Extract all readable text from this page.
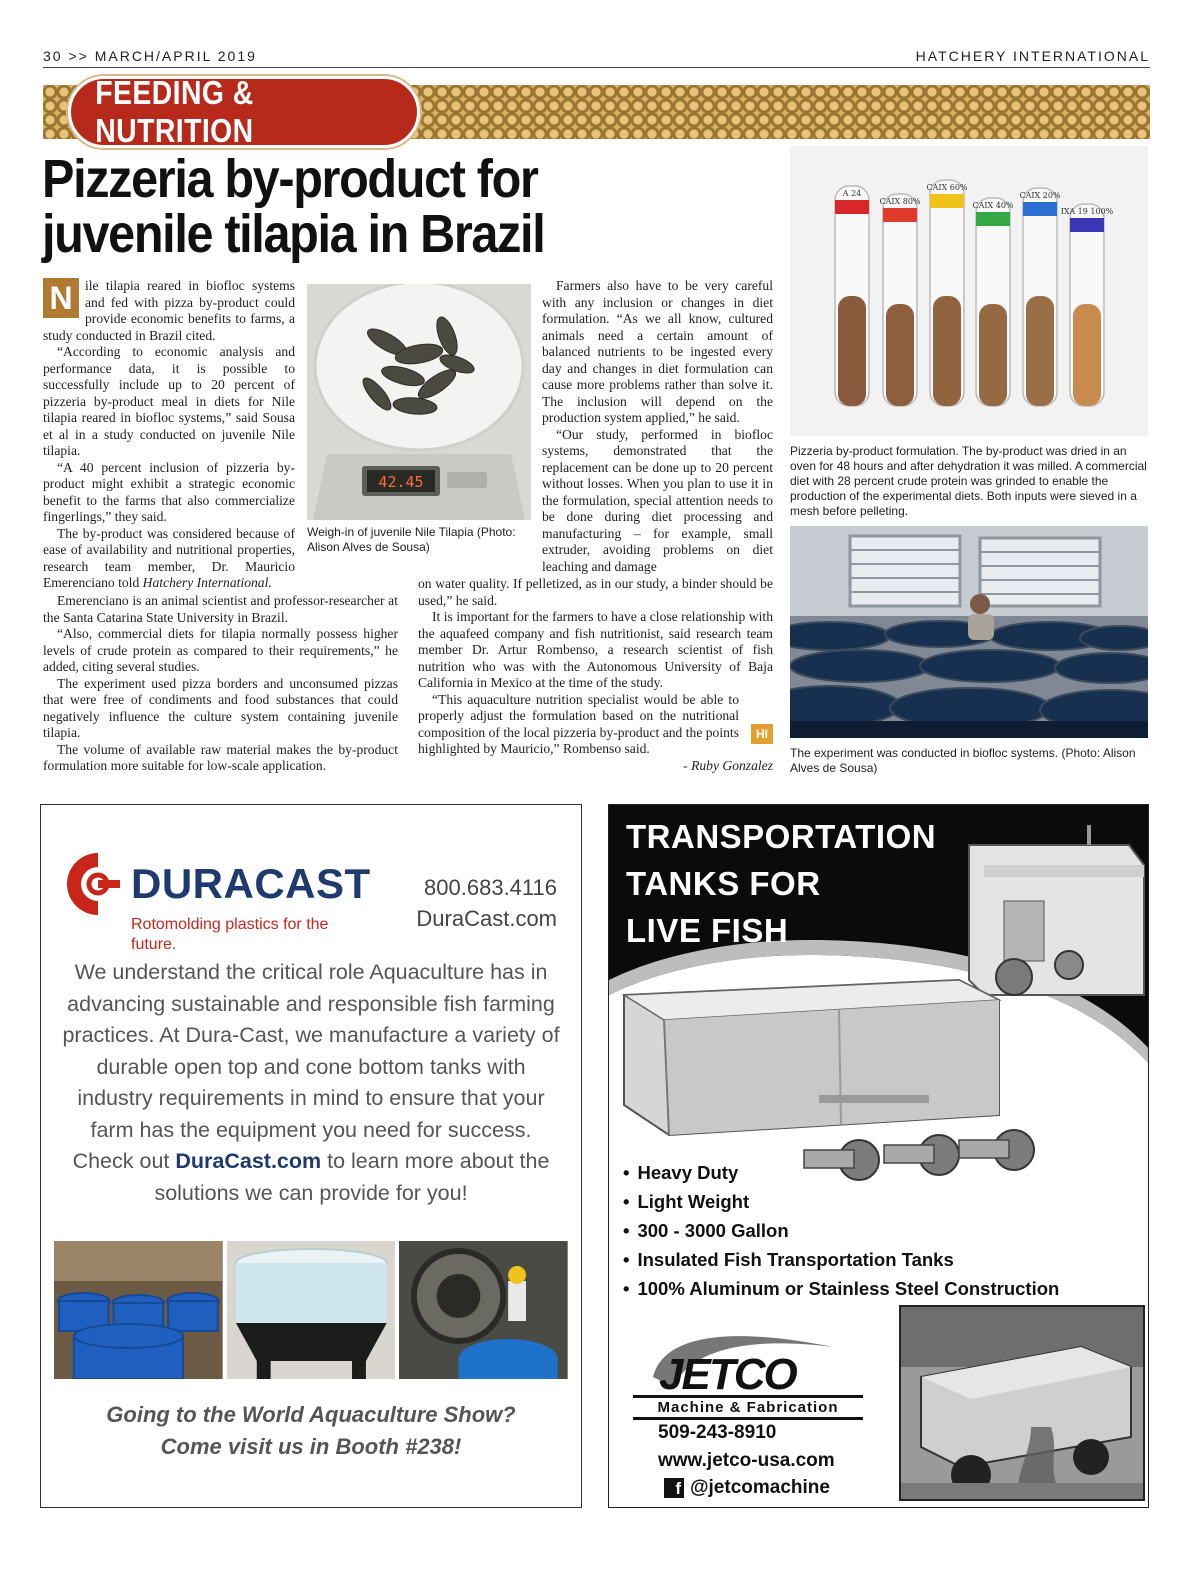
30 >> MARCH/APRIL 2019	HATCHERY INTERNATIONAL
FEEDING & NUTRITION
Pizzeria by-product for
juvenile tilapia in Brazil

N ile tilapia reared in biofloc systems and fed with pizza by-product could provide economic benefits to farms, a study conducted in Brazil cited.

“According to economic analysis and performance data, it is possible to successfully include up to 20 percent of pizzeria by-product meal in diets for Nile tilapia reared in biofloc systems,” said Sousa et al in a study conducted on juvenile Nile tilapia.

“A 40 percent inclusion of pizzeria by-product might exhibit a strategic economic benefit to the farms that also commercialize fingerlings,” they said.

The by-product was considered because of ease of availability and nutritional properties, research team member, Dr. Mauricio Emerenciano told Hatchery International.

Emerenciano is an animal scientist and professor-researcher at the Santa Catarina State University in Brazil.

“Also, commercial diets for tilapia normally possess higher levels of crude protein as compared to their requirements,” he added, citing several studies.

The experiment used pizza borders and unconsumed pizzas that were free of condiments and food substances that could negatively influence the culture system containing juvenile tilapia.

The volume of available raw material makes the by-product formulation more suitable for low-scale application.

42.45
Weigh-in of juvenile Nile Tilapia (Photo: Alison Alves de Sousa)

Farmers also have to be very careful with any inclusion or changes in diet formulation. “As we all know, cultured animals need a certain amount of balanced nutrients to be ingested every day and changes in diet formulation can cause more problems rather than solve it. The inclusion will depend on the production system applied,” he said.

“Our study, performed in biofloc systems, demonstrated that the replacement can be done up to 20 percent without losses. When you plan to use it in the formulation, special attention needs to be done during diet processing and manufacturing – for example, small extruder, avoiding problems on diet leaching and damage

on water quality. If pelletized, as in our study, a binder should be used,” he said.

It is important for the farmers to have a close relationship with the aquafeed company and fish nutritionist, said research team member Dr. Artur Rombenso, a research scientist of fish nutrition who was with the Autonomous University of Baja California in Mexico at the time of the study.

“This aquaculture nutrition specialist would be able to properly adjust the formulation based on the nutritional composition of the local pizzeria by-product and the points highlighted by Mauricio,” Rombenso said.

- Ruby Gonzalez
HI
A 24
CAIX 80%
CAIX 60%
CAIX 40%
CAIX 20%
IXA 19 100%
Pizzeria by-product formulation. The by-product was dried in an oven for 48 hours and after dehydration it was milled. A commercial diet with 28 percent crude protein was grinded to enable the production of the experimental diets. Both inputs were sieved in a mesh before pelleting.
The experiment was conducted in biofloc systems. (Photo: Alison Alves de Sousa)
DURACAST
Rotomolding plastics for the future.
800.683.4116
DuraCast.com
We understand the critical role Aquaculture has in advancing sustainable and responsible fish farming practices. At Dura-Cast, we manufacture a variety of durable open top and cone bottom tanks with industry requirements in mind to ensure that your farm has the equipment you need for success.
Check out DuraCast.com to learn more about the solutions we can provide for you!
Going to the World Aquaculture Show?
Come visit us in Booth #238!
TRANSPORTATION
TANKS FOR
LIVE FISH
• Heavy Duty
• Light Weight
• 300 - 3000 Gallon
• Insulated Fish Transportation Tanks
• 100% Aluminum or Stainless Steel Construction
JETCO
Machine & Fabrication
509-243-8910
www.jetco-usa.com
f @jetcomachine
